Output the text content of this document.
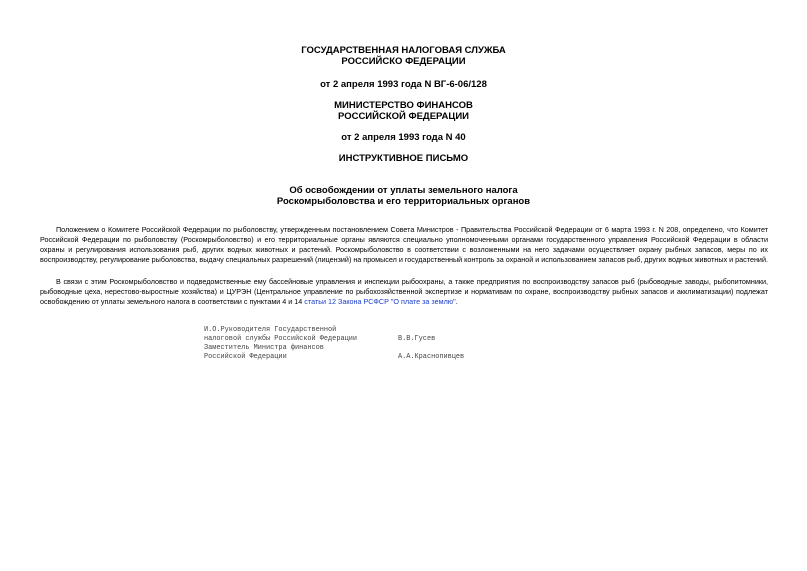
ГОСУДАРСТВЕННАЯ НАЛОГОВАЯ СЛУЖБА
РОССИЙСКО ФЕДЕРАЦИИ
от 2 апреля 1993 года N ВГ-6-06/128
МИНИСТЕРСТВО ФИНАНСОВ
РОССИЙСКОЙ ФЕДЕРАЦИИ
от 2 апреля 1993 года N 40
ИНСТРУКТИВНОЕ ПИСЬМО
Об освобождении от уплаты земельного налога
Роскомрыболовства и его территориальных органов
Положением о Комитете Российской Федерации по рыболовству, утвержденным постановлением Совета Министров - Правительства Российской Федерации от 6 марта 1993 г. N 208, определено, что Комитет Российской Федерации по рыболовству (Роскомрыболовство) и его территориальные органы являются специально уполномоченными органами государственного управления Российской Федерации в области охраны и регулирования использования рыб, других водных животных и растений. Роскомрыболовство в соответствии с возложенными на него задачами осуществляет охрану рыбных запасов, меры по их воспроизводству, регулирование рыболовства, выдачу специальных разрешений (лицензий) на промысел и государственный контроль за охраной и использованием запасов рыб, других водных животных и растений.
В связи с этим Роскомрыболовство и подведомственные ему бассейновые управления и инспекции рыбоохраны, а также предприятия по воспроизводству запасов рыб (рыбоводные заводы, рыбопитомники, рыбоводные цеха, нерестово-выростные хозяйства) и ЦУРЭН (Центральное управление по рыбохозяйственной экспертизе и нормативам по охране, воспроизводству рыбных запасов и акклиматизации) подлежат освобождению от уплаты земельного налога в соответствии с пунктами 4 и 14 статьи 12 Закона РСФСР "О плате за землю".
И.О.Руководителя Государственной
налоговой службы Российской Федерации	В.В.Гусев
Заместитель Министра финансов
Российской Федерации	А.А.Краснопивцев
